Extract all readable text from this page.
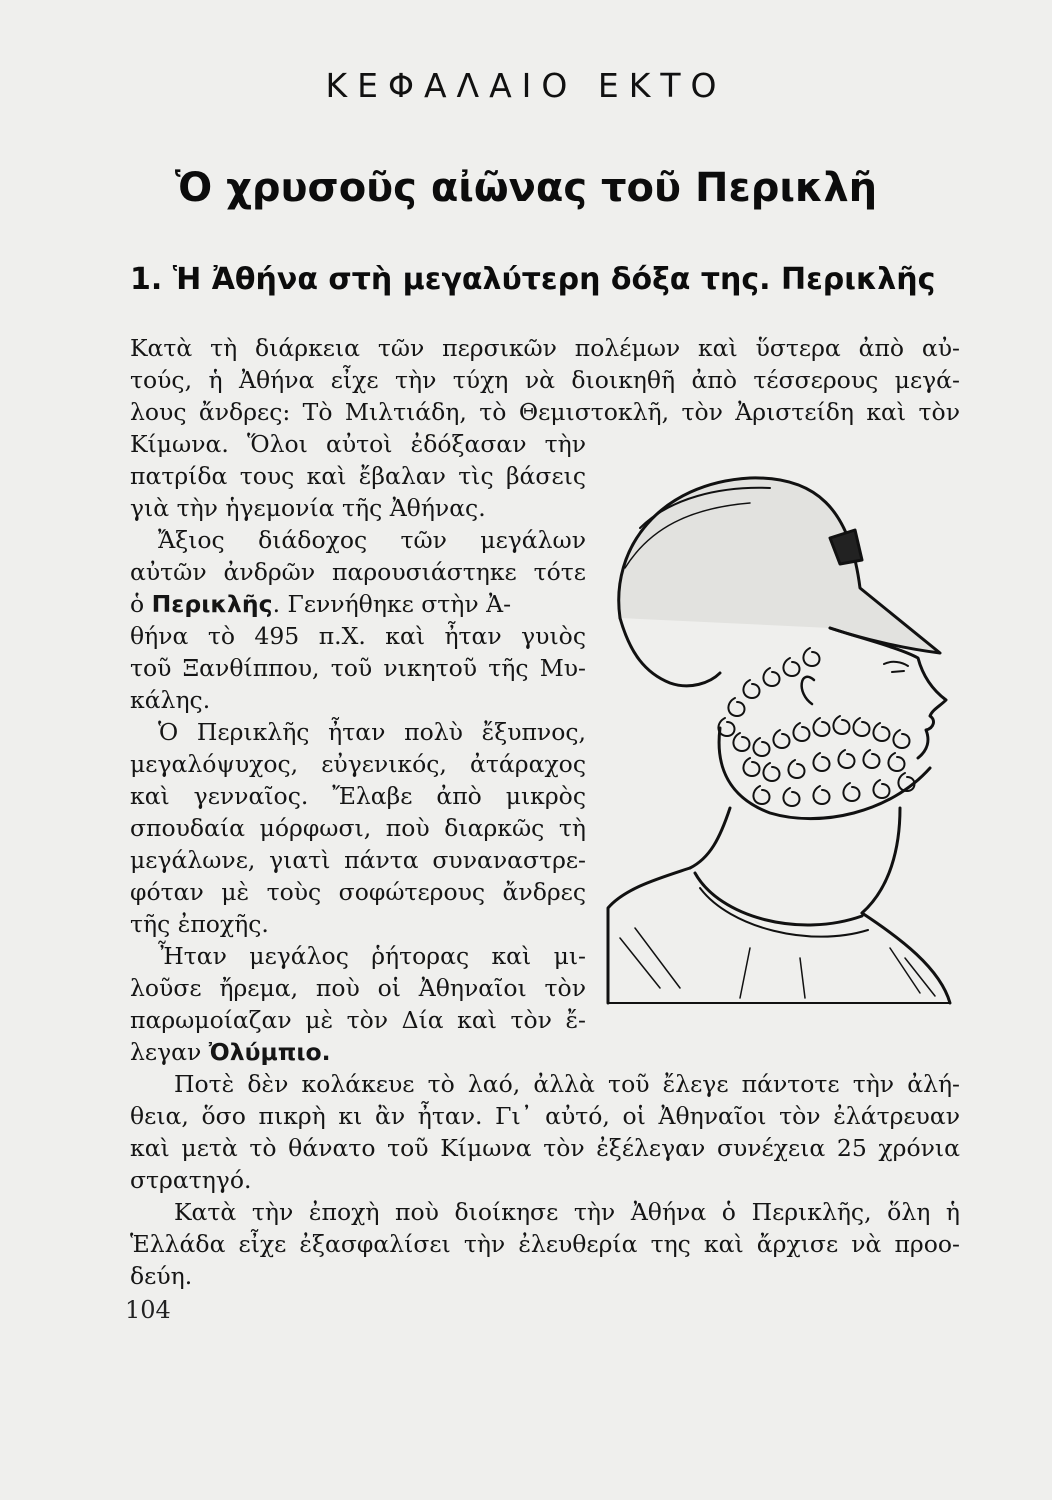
ΚΕΦΑΛΑΙΟ ΕΚΤΟ
Ὁ χρυσοῦς αἰῶνας τοῦ Περικλῆ
1. Ἡ Ἀθήνα στὴ μεγαλύτερη δόξα της. Περικλῆς
Κατὰ τὴ διάρκεια τῶν περσικῶν πολέμων καὶ ὕστερα ἀπὸ αὐ-
τούς, ἡ Ἀθήνα εἶχε τὴν τύχη νὰ διοικηθῆ ἀπὸ τέσσερους μεγά-
λους ἄνδρες: Τὸ Μιλτιάδη, τὸ Θεμιστοκλῆ, τὸν Ἀριστείδη καὶ τὸν
Κίμωνα. Ὅλοι αὐτοὶ ἐδόξασαν τὴν
πατρίδα τους καὶ ἔβαλαν τὶς βάσεις
γιὰ τὴν ἡγεμονία τῆς Ἀθήνας.
Ἄξιος διάδοχος τῶν μεγάλων
αὐτῶν ἀνδρῶν παρουσιάστηκε τότε
ὁ Περικλῆς. Γεννήθηκε στὴν Ἀ-
θήνα τὸ 495 π.Χ. καὶ ἦταν γυιὸς
τοῦ Ξανθίππου, τοῦ νικητοῦ τῆς Μυ-
κάλης.
Ὁ Περικλῆς ἦταν πολὺ ἔξυπνος,
μεγαλόψυχος, εὐγενικός, ἀτάραχος
καὶ γενναῖος. Ἔλαβε ἀπὸ μικρὸς
σπουδαία μόρφωσι, ποὺ διαρκῶς τὴ
μεγάλωνε, γιατὶ πάντα συναναστρε-
φόταν μὲ τοὺς σοφώτερους ἄνδρες
τῆς ἐποχῆς.
Ἦταν μεγάλος ῥήτορας καὶ μι-
λοῦσε ἤρεμα, ποὺ οἱ Ἀθηναῖοι τὸν
παρωμοίαζαν μὲ τὸν Δία καὶ τὸν ἔ-
λεγαν Ὀλύμπιο.
Ποτὲ δὲν κολάκευε τὸ λαό, ἀλλὰ τοῦ ἔλεγε πάντοτε τὴν ἀλή-
θεια, ὅσο πικρὴ κι ἂν ἦταν. Γι᾿ αὐτό, οἱ Ἀθηναῖοι τὸν ἐλάτρευαν
καὶ μετὰ τὸ θάνατο τοῦ Κίμωνα τὸν ἐξέλεγαν συνέχεια 25 χρόνια
στρατηγό.
Κατὰ τὴν ἐποχὴ ποὺ διοίκησε τὴν Ἀθήνα ὁ Περικλῆς, ὅλη ἡ
Ἑλλάδα εἶχε ἐξασφαλίσει τὴν ἐλευθερία της καὶ ἄρχισε νὰ προο-
δεύη.
104
